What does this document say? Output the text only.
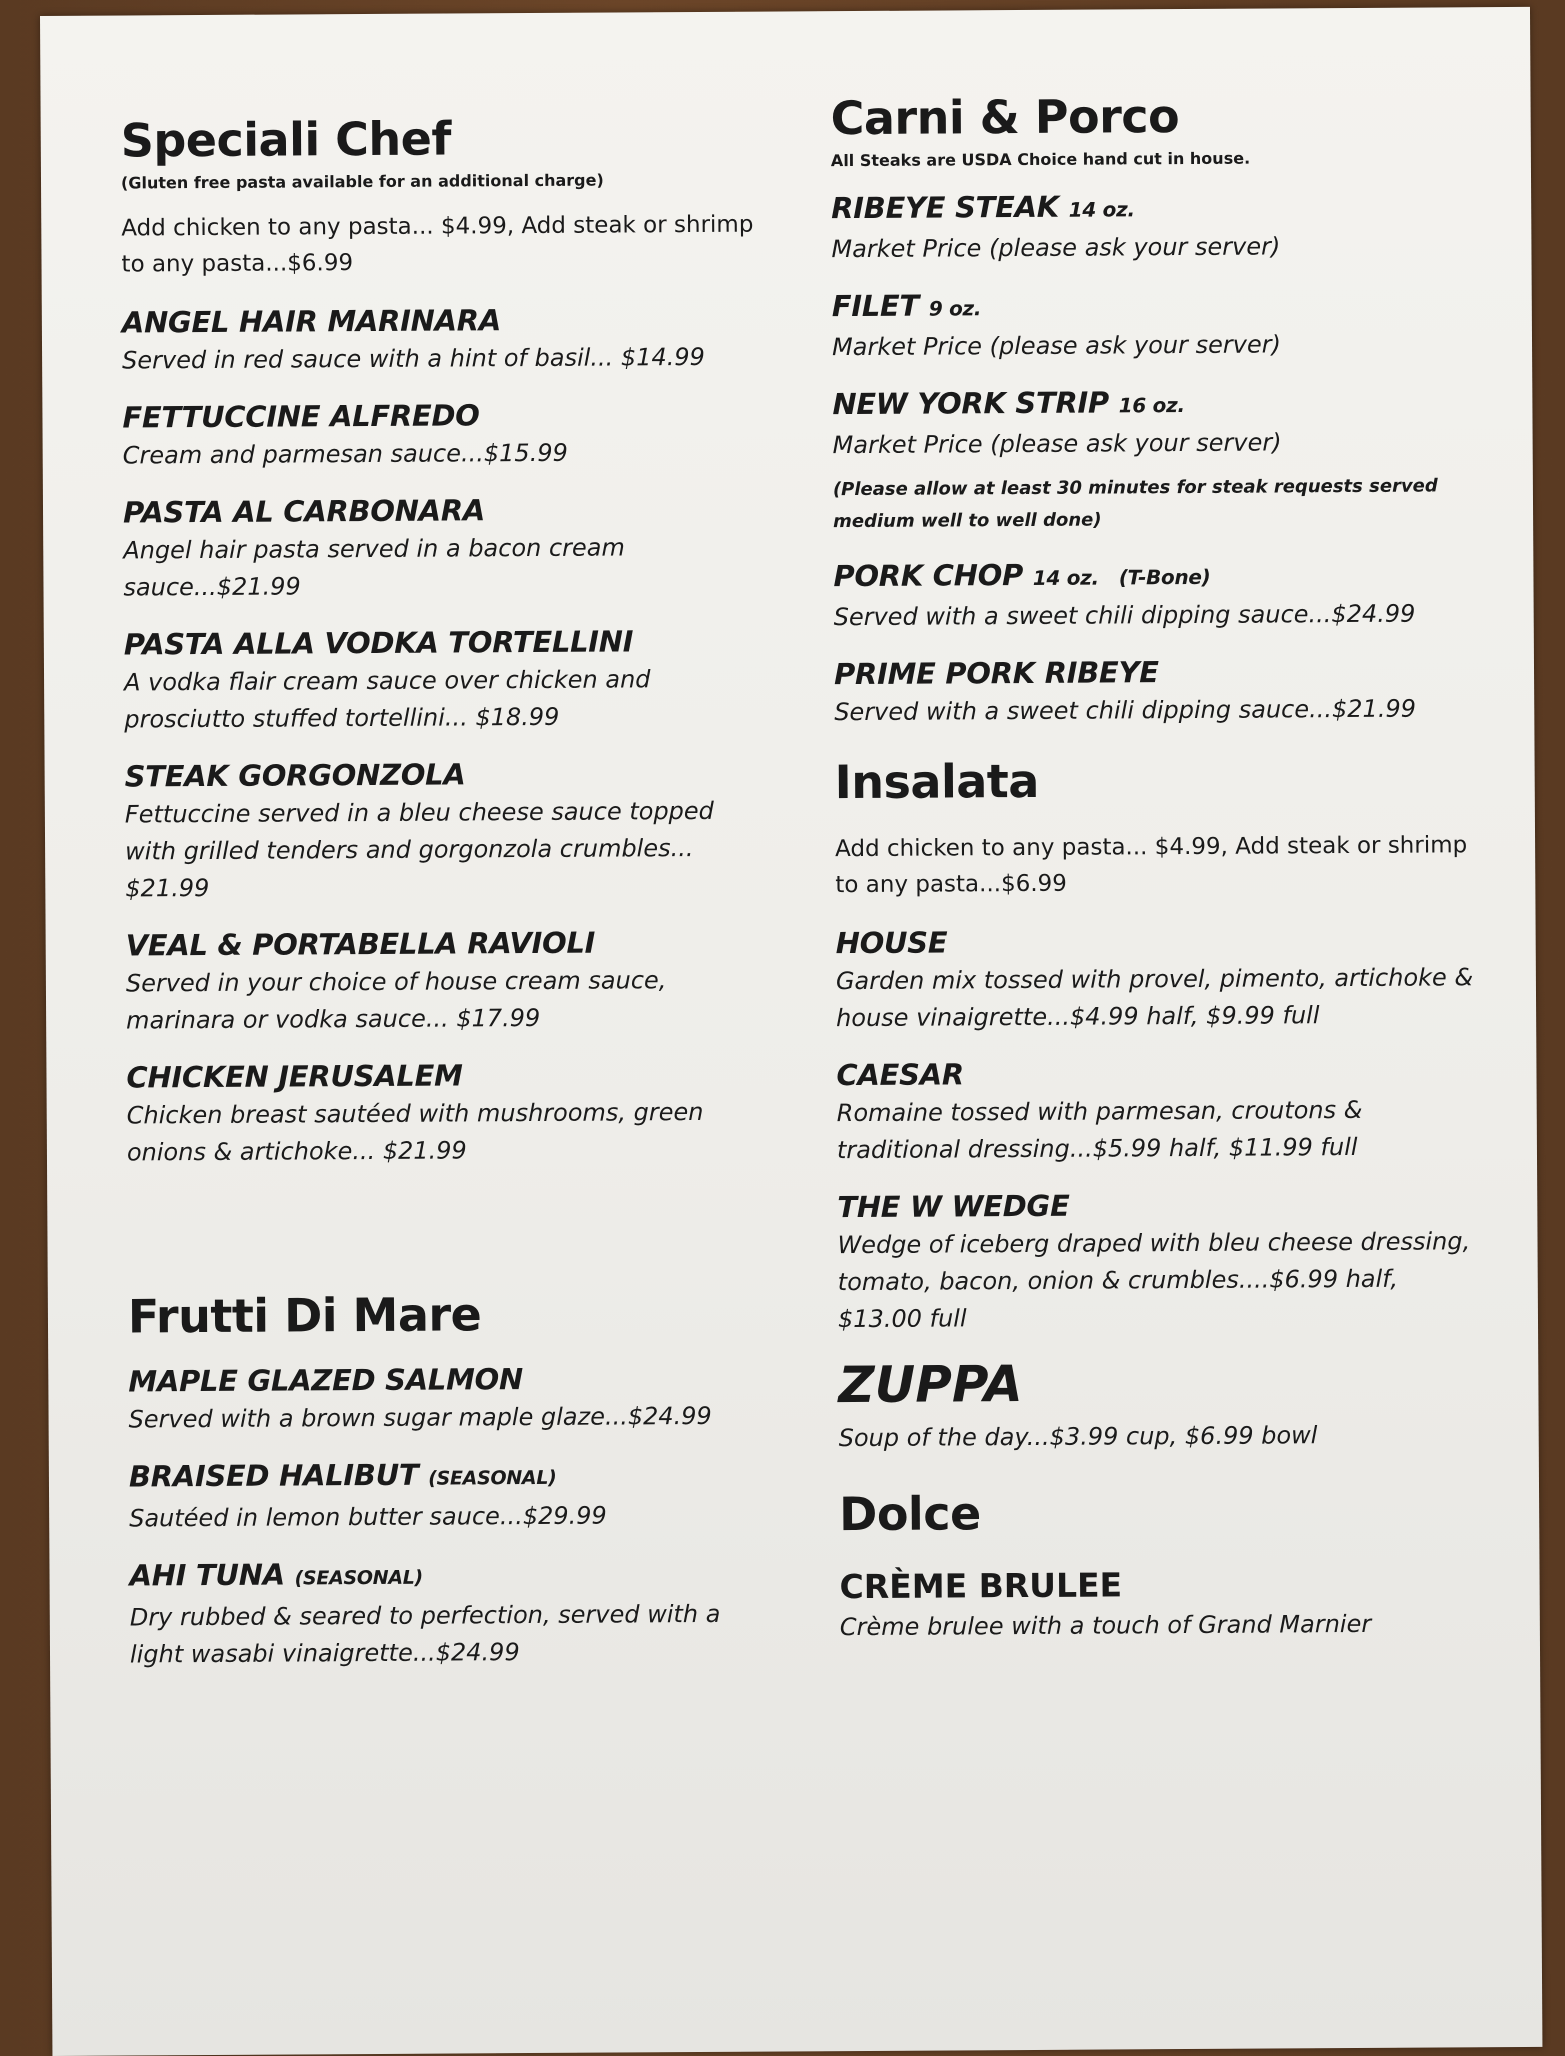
Speciali Chef
(Gluten free pasta available for an additional charge)
Add chicken to any pasta... $4.99, Add steak or shrimp to any pasta...$6.99
ANGEL HAIR MARINARA
Served in red sauce with a hint of basil... $14.99
FETTUCCINE ALFREDO
Cream and parmesan sauce...$15.99
PASTA AL CARBONARA
Angel hair pasta served in a bacon cream sauce...$21.99
PASTA ALLA VODKA TORTELLINI
A vodka flair cream sauce over chicken and prosciutto stuffed tortellini... $18.99
STEAK GORGONZOLA
Fettuccine served in a bleu cheese sauce topped with grilled tenders and gorgonzola crumbles... $21.99
VEAL & PORTABELLA RAVIOLI
Served in your choice of house cream sauce, marinara or vodka sauce... $17.99
CHICKEN JERUSALEM
Chicken breast sautéed with mushrooms, green onions & artichoke... $21.99
Frutti Di Mare
MAPLE GLAZED SALMON
Served with a brown sugar maple glaze...$24.99
BRAISED HALIBUT (SEASONAL)
Sautéed in lemon butter sauce...$29.99
AHI TUNA (SEASONAL)
Dry rubbed & seared to perfection, served with a light wasabi vinaigrette...$24.99
Carni & Porco
All Steaks are USDA Choice hand cut in house.
RIBEYE STEAK 14 oz.
Market Price (please ask your server)
FILET 9 oz.
Market Price (please ask your server)
NEW YORK STRIP 16 oz.
Market Price (please ask your server)
(Please allow at least 30 minutes for steak requests served medium well to well done)
PORK CHOP 14 oz.   (T-Bone)
Served with a sweet chili dipping sauce...$24.99
PRIME PORK RIBEYE
Served with a sweet chili dipping sauce...$21.99
Insalata
Add chicken to any pasta... $4.99, Add steak or shrimp to any pasta...$6.99
HOUSE
Garden mix tossed with provel, pimento, artichoke & house vinaigrette...$4.99 half, $9.99 full
CAESAR
Romaine tossed with parmesan, croutons & traditional dressing...$5.99 half, $11.99 full
THE W WEDGE
Wedge of iceberg draped with bleu cheese dressing, tomato, bacon, onion & crumbles....$6.99 half, $13.00 full
ZUPPA
Soup of the day...$3.99 cup, $6.99 bowl
Dolce
CRÈME BRULEE
Crème brulee with a touch of Grand Marnier
